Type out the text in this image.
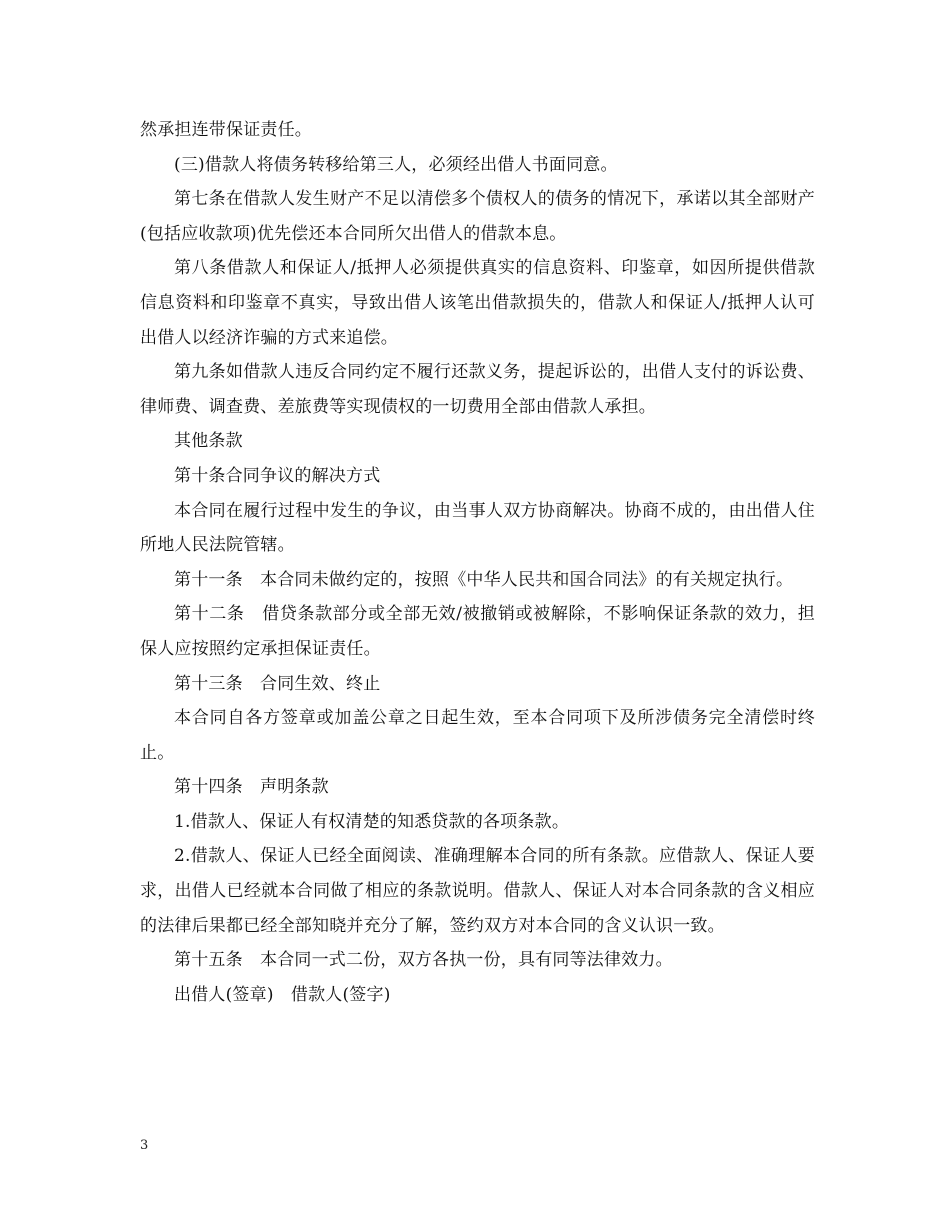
然承担连带保证责任。

(三)借款人将债务转移给第三人，必须经出借人书面同意。

第七条在借款人发生财产不足以清偿多个债权人的债务的情况下，承诺以其全部财产(包括应收款项)优先偿还本合同所欠出借人的借款本息。

第八条借款人和保证人/抵押人必须提供真实的信息资料、印鉴章，如因所提供借款信息资料和印鉴章不真实，导致出借人该笔出借款损失的，借款人和保证人/抵押人认可出借人以经济诈骗的方式来追偿。

第九条如借款人违反合同约定不履行还款义务，提起诉讼的，出借人支付的诉讼费、律师费、调查费、差旅费等实现债权的一切费用全部由借款人承担。

其他条款

第十条合同争议的解决方式

本合同在履行过程中发生的争议，由当事人双方协商解决。协商不成的，由出借人住所地人民法院管辖。

第十一条　本合同未做约定的，按照《中华人民共和国合同法》的有关规定执行。

第十二条　借贷条款部分或全部无效/被撤销或被解除，不影响保证条款的效力，担保人应按照约定承担保证责任。

第十三条　合同生效、终止

本合同自各方签章或加盖公章之日起生效，至本合同项下及所涉债务完全清偿时终止。

第十四条　声明条款

1.借款人、保证人有权清楚的知悉贷款的各项条款。

2.借款人、保证人已经全面阅读、准确理解本合同的所有条款。应借款人、保证人要求，出借人已经就本合同做了相应的条款说明。借款人、保证人对本合同条款的含义相应的法律后果都已经全部知晓并充分了解，签约双方对本合同的含义认识一致。

第十五条　本合同一式二份，双方各执一份，具有同等法律效力。

出借人(签章)　借款人(签字)

3
